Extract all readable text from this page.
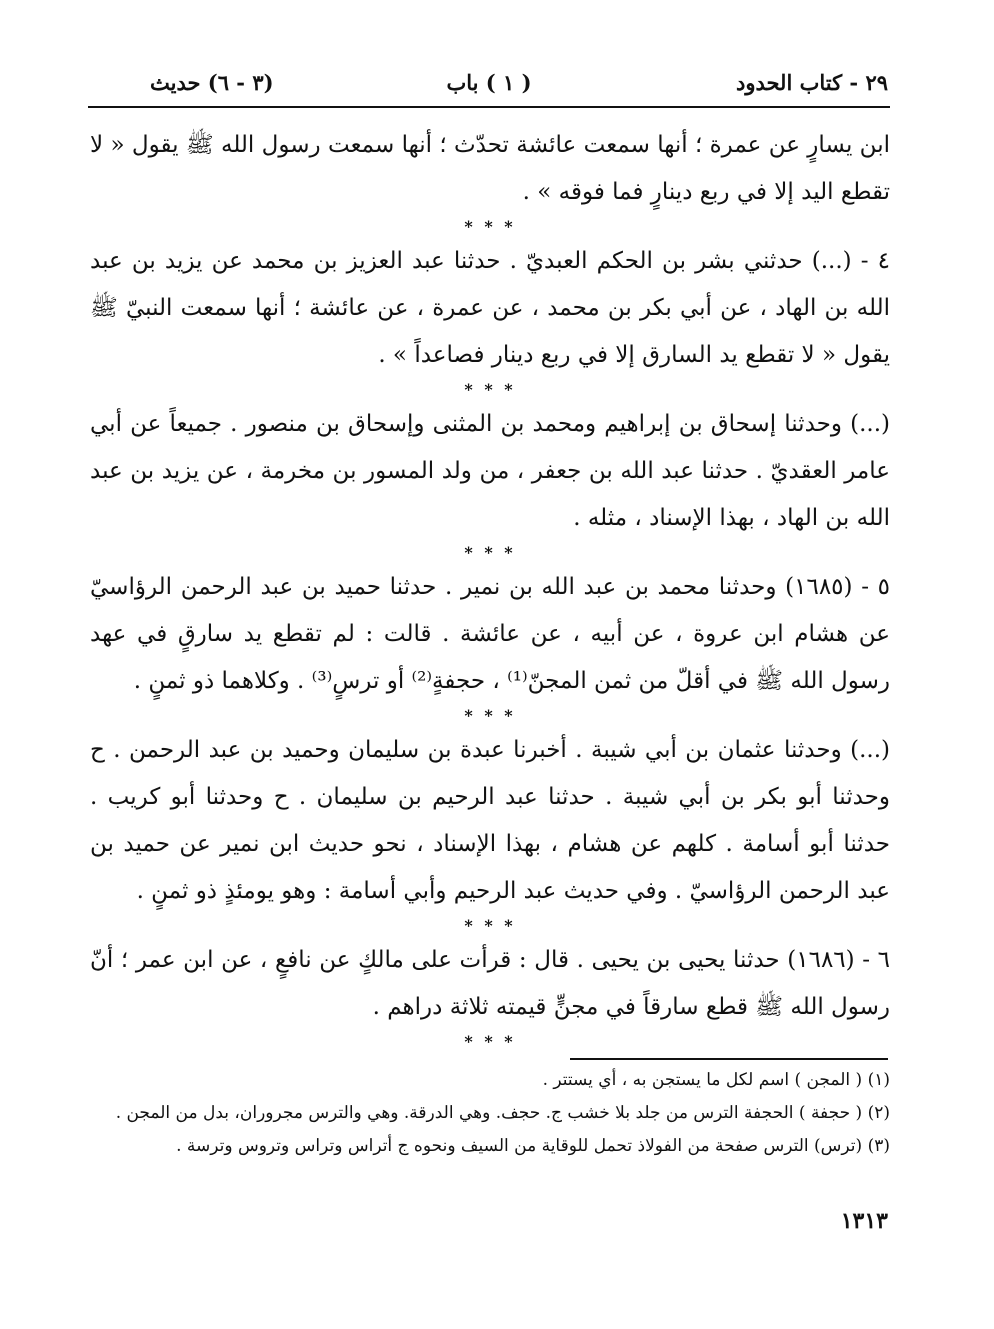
٢٩ - كتاب الحدود
( ١ ) باب
(٣ - ٦) حديث

ابن يسارٍ عن عمرة ؛ أنها سمعت عائشة تحدّث ؛ أنها سمعت رسول الله ﷺ يقول « لا تقطع اليد إلا في ربع دينارٍ فما فوقه » .

* * *

٤ - (...) حدثني بشر بن الحكم العبديّ . حدثنا عبد العزيز بن محمد عن يزيد بن عبد الله بن الهاد ، عن أبي بكر بن محمد ، عن عمرة ، عن عائشة ؛ أنها سمعت النبيّ ﷺ يقول « لا تقطع يد السارق إلا في ربع دينار فصاعداً » .

* * *

(...) وحدثنا إسحاق بن إبراهيم ومحمد بن المثنى وإسحاق بن منصور . جميعاً عن أبي عامر العقديّ . حدثنا عبد الله بن جعفر ، من ولد المسور بن مخرمة ، عن يزيد بن عبد الله بن الهاد ، بهذا الإسناد ، مثله .

* * *

٥ - (١٦٨٥) وحدثنا محمد بن عبد الله بن نمير . حدثنا حميد بن عبد الرحمن الرؤاسيّ عن هشام ابن عروة ، عن أبيه ، عن عائشة . قالت : لم تقطع يد سارقٍ في عهد رسول الله ﷺ في أقلّ من ثمن المجنّ⁽¹⁾ ، حجفةٍ⁽²⁾ أو ترسٍ⁽³⁾ . وكلاهما ذو ثمنٍ .

* * *

(...) وحدثنا عثمان بن أبي شيبة . أخبرنا عبدة بن سليمان وحميد بن عبد الرحمن . ح وحدثنا أبو بكر بن أبي شيبة . حدثنا عبد الرحيم بن سليمان . ح وحدثنا أبو كريب . حدثنا أبو أسامة . كلهم عن هشام ، بهذا الإسناد ، نحو حديث ابن نمير عن حميد بن عبد الرحمن الرؤاسيّ . وفي حديث عبد الرحيم وأبي أسامة : وهو يومئذٍ ذو ثمنٍ .

* * *

٦ - (١٦٨٦) حدثنا يحيى بن يحيى . قال : قرأت على مالكٍ عن نافعٍ ، عن ابن عمر ؛ أنّ رسول الله ﷺ قطع سارقاً في مجنٍّ قيمته ثلاثة دراهم .

* * *

(١) ( المجن ) اسم لكل ما يستجن به ، أي يستتر .

(٢) ( حجفة ) الحجفة الترس من جلد بلا خشب ج. حجف. وهي الدرقة. وهي والترس مجروران، بدل من المجن .

(٣) (ترس) الترس صفحة من الفولاذ تحمل للوقاية من السيف ونحوه ج أتراس وتراس وتروس وترسة .

١٣١٣
